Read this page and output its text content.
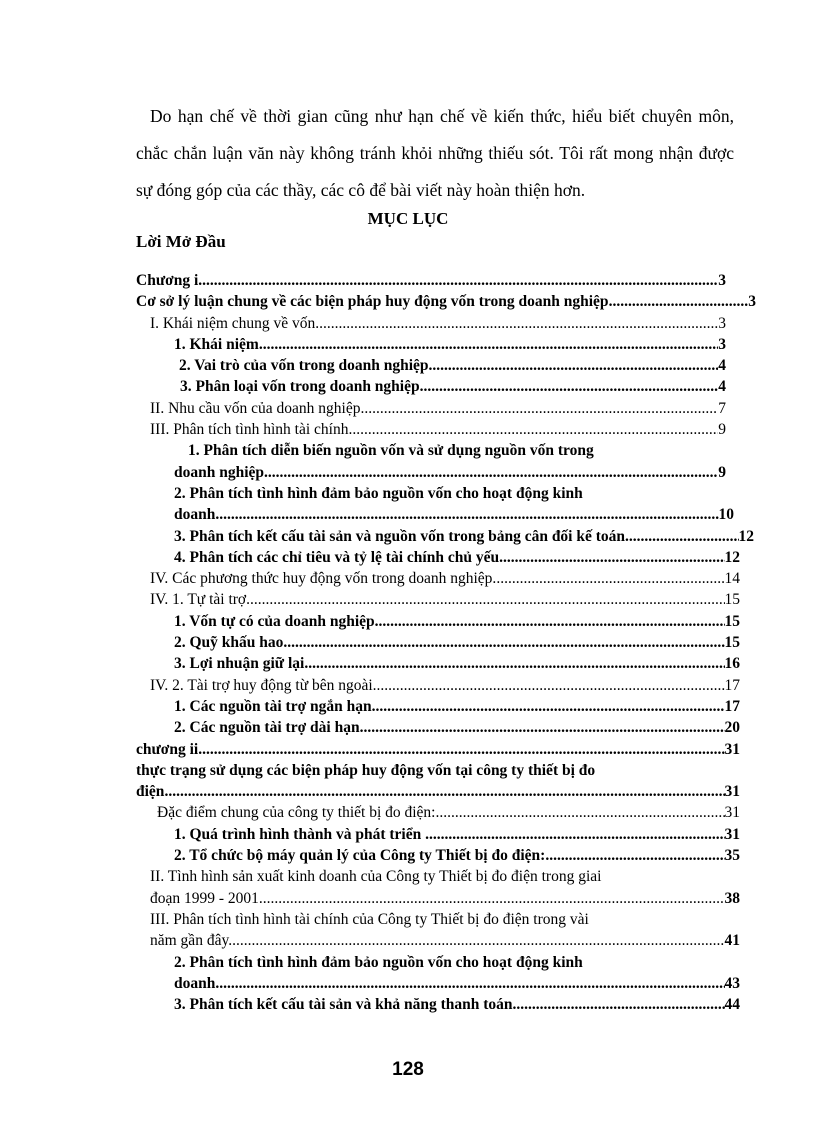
Do hạn chế về thời gian cũng như hạn chế về kiến thức, hiểu biết chuyên môn, chắc chắn luận văn này không tránh khỏi những thiếu sót. Tôi rất mong nhận được sự đóng góp của các thầy, các cô để bài viết này hoàn thiện hơn.

MỤC LỤC
Lời Mở Đầu
Chương i .....	3
Cơ sở lý luận chung về các biện pháp huy động vốn trong doanh nghiệp .....	3
I. Khái niệm chung về vốn .....	3
1. Khái niệm .....	3
2. Vai trò của vốn trong doanh nghiệp .....	4
3. Phân loại vốn trong doanh nghiệp .....	4
II. Nhu cầu vốn của doanh nghiệp. .....	7
III. Phân tích tình hình tài chính .....	9
1. Phân tích diễn biến nguồn vốn và sử dụng nguồn vốn trong
doanh nghiệp. .....	9
2. Phân tích tình hình đảm bảo nguồn vốn cho hoạt động kinh
doanh .....	10
3. Phân tích kết cấu tài sản và nguồn vốn trong bảng cân đối kế toán .....	12
4. Phân tích các chỉ tiêu và tỷ lệ tài chính chủ yếu. .....	12
IV. Các phương thức huy động vốn trong doanh nghiệp. .....	14
IV. 1. Tự tài trợ .....	15
1. Vốn tự có của doanh nghiệp .....	15
2. Quỹ khấu hao. .....	15
3. Lợi nhuận giữ lại .....	16
IV. 2. Tài trợ huy động từ bên ngoài .....	17
1. Các nguồn tài trợ ngắn hạn .....	17
2. Các nguồn tài trợ dài hạn .....	20
chương ii .....	31
thực trạng sử dụng các biện pháp huy động vốn tại công ty thiết bị đo
điện .....	31
Đặc điểm chung của công ty thiết bị đo điện: .....	31
1. Quá trình hình thành và phát triển . .....	31
2. Tổ chức bộ máy quản lý của Công ty Thiết bị đo điện: .....	35
II. Tình hình sản xuất kinh doanh của Công ty Thiết bị đo điện trong giai
đoạn 1999 - 2001 .....	38
III. Phân tích tình hình tài chính của Công ty Thiết bị đo điện trong vài
năm gần đây. .....	41
2. Phân tích tình hình đảm bảo nguồn vốn cho hoạt động kinh
doanh. .....	43
3. Phân tích kết cấu tài sản và khả năng thanh toán. .....	44
128
